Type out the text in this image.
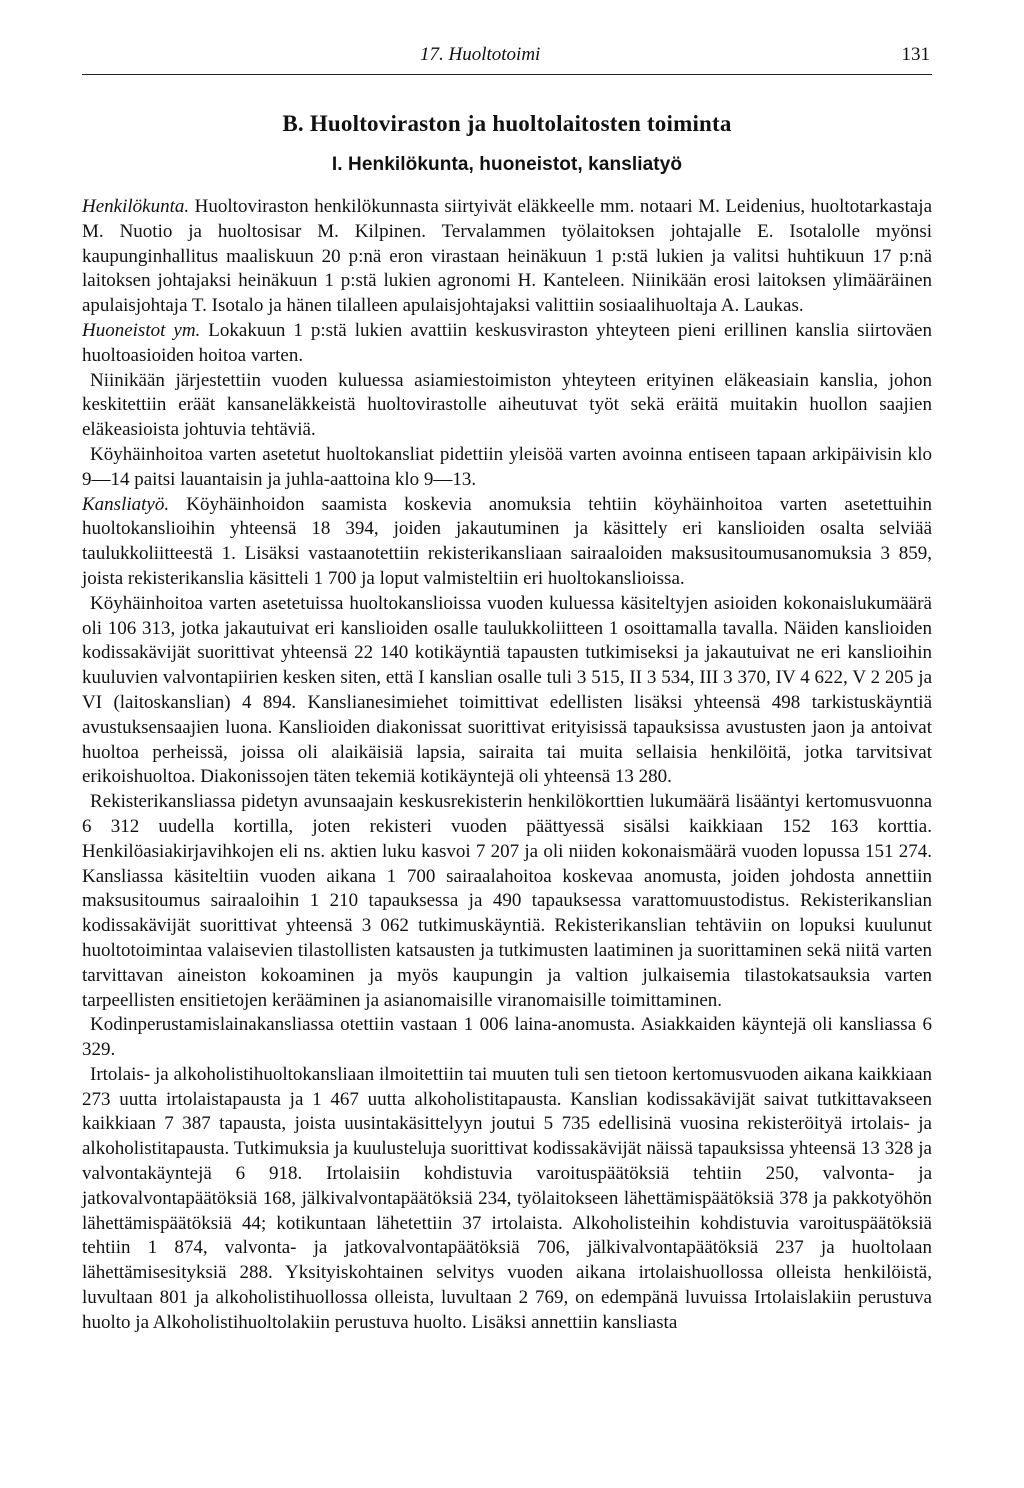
17. Huoltotoimi	131
B. Huoltoviraston ja huoltolaitosten toiminta
I. Henkilökunta, huoneistot, kansliatyö

Henkilökunta. Huoltoviraston henkilökunnasta siirtyivät eläkkeelle mm. notaari M. Leidenius, huoltotarkastaja M. Nuotio ja huoltosisar M. Kilpinen. Tervalammen työlaitoksen johtajalle E. Isotalolle myönsi kaupunginhallitus maaliskuun 20 p:nä eron virastaan heinäkuun 1 p:stä lukien ja valitsi huhtikuun 17 p:nä laitoksen johtajaksi heinäkuun 1 p:stä lukien agronomi H. Kanteleen. Niinikään erosi laitoksen ylimääräinen apulaisjohtaja T. Isotalo ja hänen tilalleen apulaisjohtajaksi valittiin sosiaalihuoltaja A. Laukas.

Huoneistot ym. Lokakuun 1 p:stä lukien avattiin keskusviraston yhteyteen pieni erillinen kanslia siirtoväen huoltoasioiden hoitoa varten.

Niinikään järjestettiin vuoden kuluessa asiamiestoimiston yhteyteen erityinen eläkeasiain kanslia, johon keskitettiin eräät kansaneläkkeistä huoltovirastolle aiheutuvat työt sekä eräitä muitakin huollon saajien eläkeasioista johtuvia tehtäviä.

Köyhäinhoitoa varten asetetut huoltokansliat pidettiin yleisöä varten avoinna entiseen tapaan arkipäivisin klo 9—14 paitsi lauantaisin ja juhla-aattoina klo 9—13.

Kansliatyö. Köyhäinhoidon saamista koskevia anomuksia tehtiin köyhäinhoitoa varten asetettuihin huoltokanslioihin yhteensä 18 394, joiden jakautuminen ja käsittely eri kanslioiden osalta selviää taulukkoliitteestä 1. Lisäksi vastaanotettiin rekisterikansliaan sairaaloiden maksusitoumusanomuksia 3 859, joista rekisterikanslia käsitteli 1 700 ja loput valmisteltiin eri huoltokanslioissa.

Köyhäinhoitoa varten asetetuissa huoltokanslioissa vuoden kuluessa käsiteltyjen asioiden kokonaislukumäärä oli 106 313, jotka jakautuivat eri kanslioiden osalle taulukkoliitteen 1 osoittamalla tavalla. Näiden kanslioiden kodissakävijät suorittivat yhteensä 22 140 kotikäyntiä tapausten tutkimiseksi ja jakautuivat ne eri kanslioihin kuuluvien valvontapiirien kesken siten, että I kanslian osalle tuli 3 515, II 3 534, III 3 370, IV 4 622, V 2 205 ja VI (laitoskanslian) 4 894. Kanslianesimiehet toimittivat edellisten lisäksi yhteensä 498 tarkistuskäyntiä avustuksensaajien luona. Kanslioiden diakonissat suorittivat erityisissä tapauksissa avustusten jaon ja antoivat huoltoa perheissä, joissa oli alaikäisiä lapsia, sairaita tai muita sellaisia henkilöitä, jotka tarvitsivat erikoishuoltoa. Diakonissojen täten tekemiä kotikäyntejä oli yhteensä 13 280.

Rekisterikansliassa pidetyn avunsaajain keskusrekisterin henkilökorttien lukumäärä lisääntyi kertomusvuonna 6 312 uudella kortilla, joten rekisteri vuoden päättyessä sisälsi kaikkiaan 152 163 korttia. Henkilöasiakirjavihkojen eli ns. aktien luku kasvoi 7 207 ja oli niiden kokonaismäärä vuoden lopussa 151 274. Kansliassa käsiteltiin vuoden aikana 1 700 sairaalahoitoa koskevaa anomusta, joiden johdosta annettiin maksusitoumus sairaaloihin 1 210 tapauksessa ja 490 tapauksessa varattomuustodistus. Rekisterikanslian kodissakävijät suorittivat yhteensä 3 062 tutkimuskäyntiä. Rekisterikanslian tehtäviin on lopuksi kuulunut huoltotoimintaa valaisevien tilastollisten katsausten ja tutkimusten laatiminen ja suorittaminen sekä niitä varten tarvittavan aineiston kokoaminen ja myös kaupungin ja valtion julkaisemia tilastokatsauksia varten tarpeellisten ensitietojen kerääminen ja asianomaisille viranomaisille toimittaminen.

Kodinperustamislainakansliassa otettiin vastaan 1 006 laina-anomusta. Asiakkaiden käyntejä oli kansliassa 6 329.

Irtolais- ja alkoholistihuoltokansliaan ilmoitettiin tai muuten tuli sen tietoon kertomusvuoden aikana kaikkiaan 273 uutta irtolaistapausta ja 1 467 uutta alkoholistitapausta. Kanslian kodissakävijät saivat tutkittavakseen kaikkiaan 7 387 tapausta, joista uusintakäsittelyyn joutui 5 735 edellisinä vuosina rekisteröityä irtolais- ja alkoholistitapausta. Tutkimuksia ja kuulusteluja suorittivat kodissakävijät näissä tapauksissa yhteensä 13 328 ja valvontakäyntejä 6 918. Irtolaisiin kohdistuvia varoituspäätöksiä tehtiin 250, valvonta- ja jatkovalvontapäätöksiä 168, jälkivalvontapäätöksiä 234, työlaitokseen lähettämispäätöksiä 378 ja pakkotyöhön lähettämispäätöksiä 44; kotikuntaan lähetettiin 37 irtolaista. Alkoholisteihin kohdistuvia varoituspäätöksiä tehtiin 1 874, valvonta- ja jatkovalvontapäätöksiä 706, jälkivalvontapäätöksiä 237 ja huoltolaan lähettämisesityksiä 288. Yksityiskohtainen selvitys vuoden aikana irtolaishuollossa olleista henkilöistä, luvultaan 801 ja alkoholistihuollossa olleista, luvultaan 2 769, on edempänä luvuissa Irtolaislakiin perustuva huolto ja Alkoholistihuoltolakiin perustuva huolto. Lisäksi annettiin kansliasta
